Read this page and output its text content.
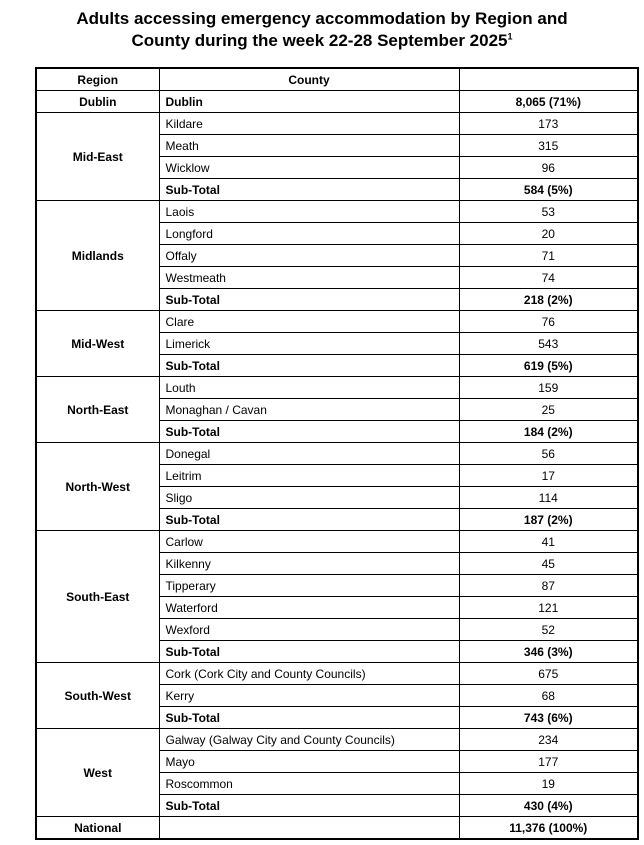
Adults accessing emergency accommodation by Region and
County during the week 22-28 September 2025$^1$
Region	County	
Dublin	Dublin	8,065 (71%)
Mid-East	Kildare	173
	Meath	315
	Wicklow	96
	Sub-Total	584 (5%)
Midlands	Laois	53
	Longford	20
	Offaly	71
	Westmeath	74
	Sub-Total	218 (2%)
Mid-West	Clare	76
	Limerick	543
	Sub-Total	619 (5%)
North-East	Louth	159
	Monaghan / Cavan	25
	Sub-Total	184 (2%)
North-West	Donegal	56
	Leitrim	17
	Sligo	114
	Sub-Total	187 (2%)
South-East	Carlow	41
	Kilkenny	45
	Tipperary	87
	Waterford	121
	Wexford	52
	Sub-Total	346 (3%)
South-West	Cork (Cork City and County Councils)	675
	Kerry	68
	Sub-Total	743 (6%)
West	Galway (Galway City and County Councils)	234
	Mayo	177
	Roscommon	19
	Sub-Total	430 (4%)
National		11,376 (100%)
